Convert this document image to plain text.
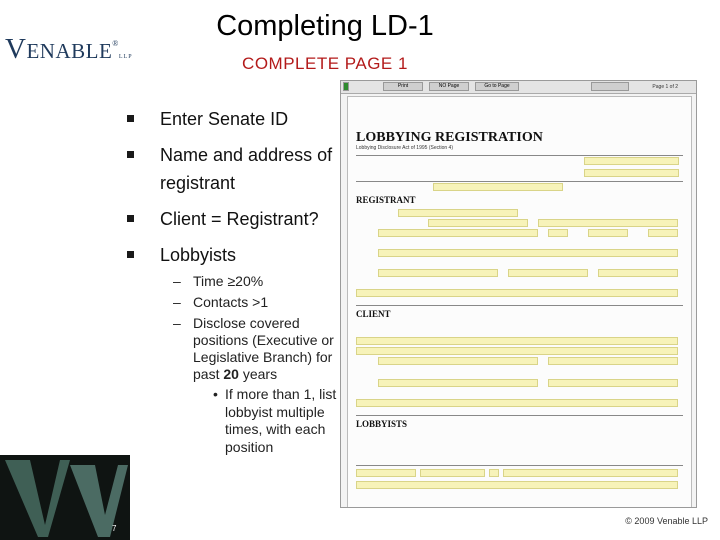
VENABLE®LLP
Completing LD-1
COMPLETE PAGE 1
Enter Senate ID
Name and address of registrant
Client = Registrant?
Lobbyists
– Time ≥20%
– Contacts >1
– Disclose covered positions (Executive or Legislative Branch) for past 20 years
• If more than 1, list lobbyist multiple times, with each position
Print	NO Page	Go to Page	Page 1 of 2
LOBBYING REGISTRATION
Lobbying Disclosure Act of 1995 (Section 4)
REGISTRANT
CLIENT
LOBBYISTS
7
© 2009 Venable LLP
